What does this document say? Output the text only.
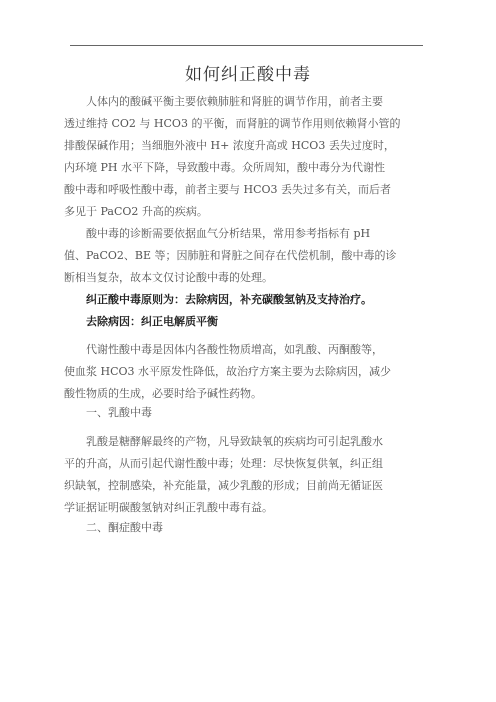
如何纠正酸中毒
人体内的酸碱平衡主要依赖肺脏和肾脏的调节作用，前者主要
透过维持 CO2 与 HCO3 的平衡，而肾脏的调节作用则依赖肾小管的
排酸保碱作用；当细胞外液中 H+ 浓度升高或 HCO3 丢失过度时，
内环境 PH 水平下降，导致酸中毒。众所周知，酸中毒分为代谢性
酸中毒和呼吸性酸中毒，前者主要与 HCO3 丢失过多有关，而后者
多见于 PaCO2 升高的疾病。
酸中毒的诊断需要依据血气分析结果，常用参考指标有 pH
值、PaCO2、BE 等；因肺脏和肾脏之间存在代偿机制，酸中毒的诊
断相当复杂，故本文仅讨论酸中毒的处理。
纠正酸中毒原则为：去除病因，补充碳酸氢钠及支持治疗。
去除病因：纠正电解质平衡
代谢性酸中毒是因体内各酸性物质增高，如乳酸、丙酮酸等，
使血浆 HCO3 水平原发性降低，故治疗方案主要为去除病因，减少
酸性物质的生成，必要时给予碱性药物。
一、乳酸中毒
乳酸是糖酵解最终的产物，凡导致缺氧的疾病均可引起乳酸水
平的升高，从而引起代谢性酸中毒；处理：尽快恢复供氧，纠正组
织缺氧，控制感染，补充能量，减少乳酸的形成；目前尚无循证医
学证据证明碳酸氢钠对纠正乳酸中毒有益。
二、酮症酸中毒
